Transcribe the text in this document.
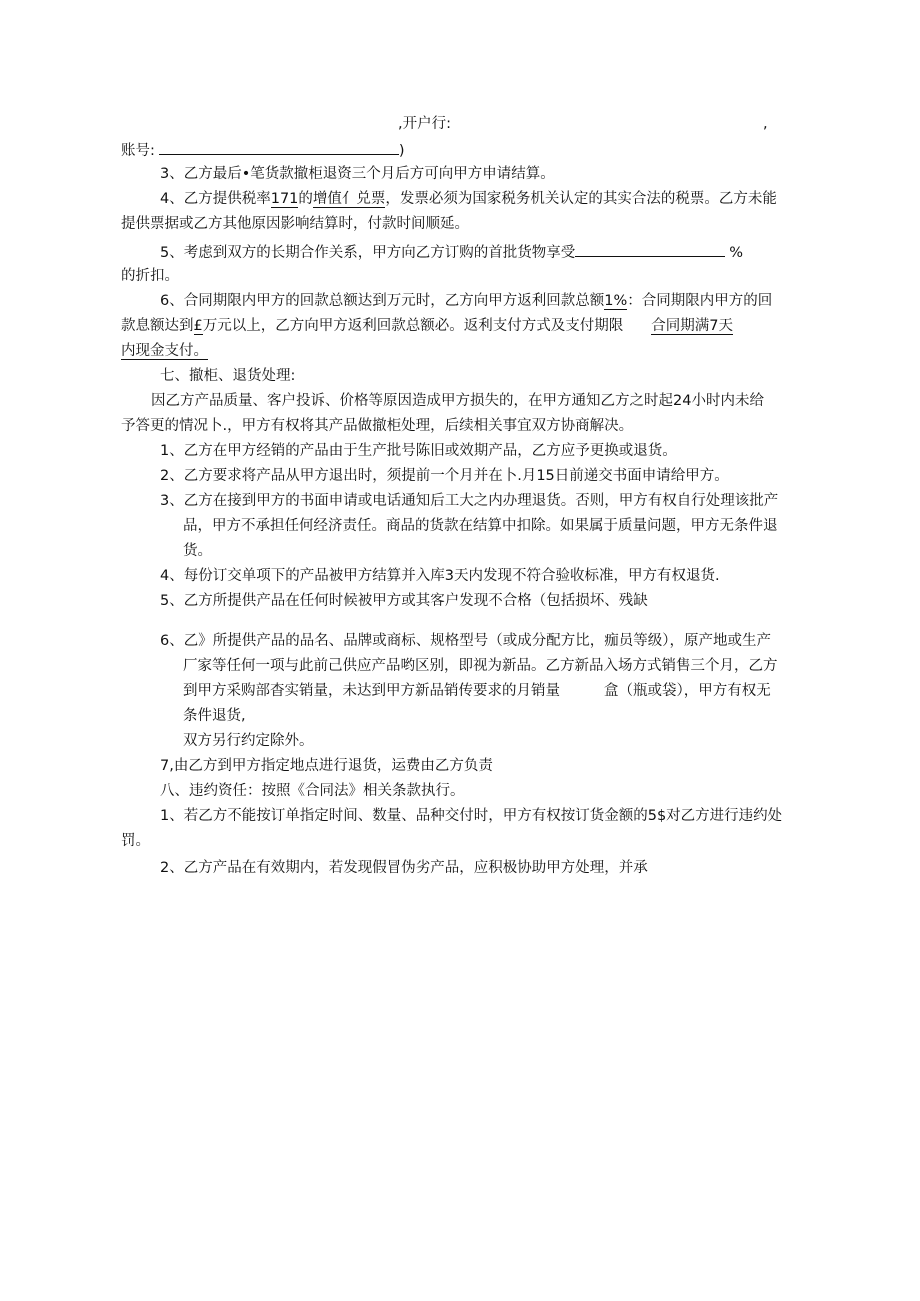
,开户行:	,
账号:	)
3、乙方最后•笔货款撤柜退资三个月后方可向甲方申请结算。
4、乙方提供税率171的增值亻兑票，发票必须为国家税务机关认定的其实合法的税票。乙方未能
提供票据或乙方其他原因影响结算时，付款时间顺延。
5、考虑到双方的长期合作关系，甲方向乙方订购的首批货物享受	%
的折扣。
6、合同期限内甲方的回款总额达到万元时，乙方向甲方返利回款总额1%：合同期限内甲方的回
款息额达到£万元以上，乙方向甲方返利回款总额必。返利支付方式及支付期限 合同期满7天
内现金支付。
七、撤柜、退货处理:
因乙方产品质量、客户投诉、价格等原因造成甲方损失的，在甲方通知乙方之时起24小时内未给
予答更的情况卜.，甲方有权将其产品做撤柜处理，后续相关事宜双方协商解决。
1、乙方在甲方经销的产品由于生产批号陈旧或效期产品，乙方应予更换或退货。
2、乙方要求将产品从甲方退出时，须提前一个月并在卜.月15日前递交书面申请给甲方。
3、乙方在接到甲方的书面申请或电话通知后工大之内办理退货。否则，甲方有权自行处理该批产
品，甲方不承担任何经济责任。商品的货款在结算中扣除。如果属于质量问题，甲方无条件退
货。
4、每份订交单项下的产品被甲方结算并入库3天内发现不符合验收标准，甲方有权退货.
5、乙方所提供产品在任何时候被甲方或其客户发现不合格（包括损坏、残缺
6、乙》所提供产品的品名、品牌或商标、规格型号（或成分配方比，痂员等级），原产地或生产
厂家等任何一项与此前己供应产品哟区别，即视为新品。乙方新品入场方式销售三个月，乙方
到甲方采购部杳实销量，未达到甲方新品销传要求的月销量	盒（瓶或袋），甲方有权无
条件退货,
双方另行约定除外。
7,由乙方到甲方指定地点进行退货，运费由乙方负责
八、违约资任：按照《合同法》相关条款执行。
1、若乙方不能按订单指定时间、数量、品种交付时，甲方有权按订货金额的5$对乙方进行违约处
罚。
2、乙方产品在有效期内，若发现假冒伪劣产品，应积极协助甲方处理，并承
